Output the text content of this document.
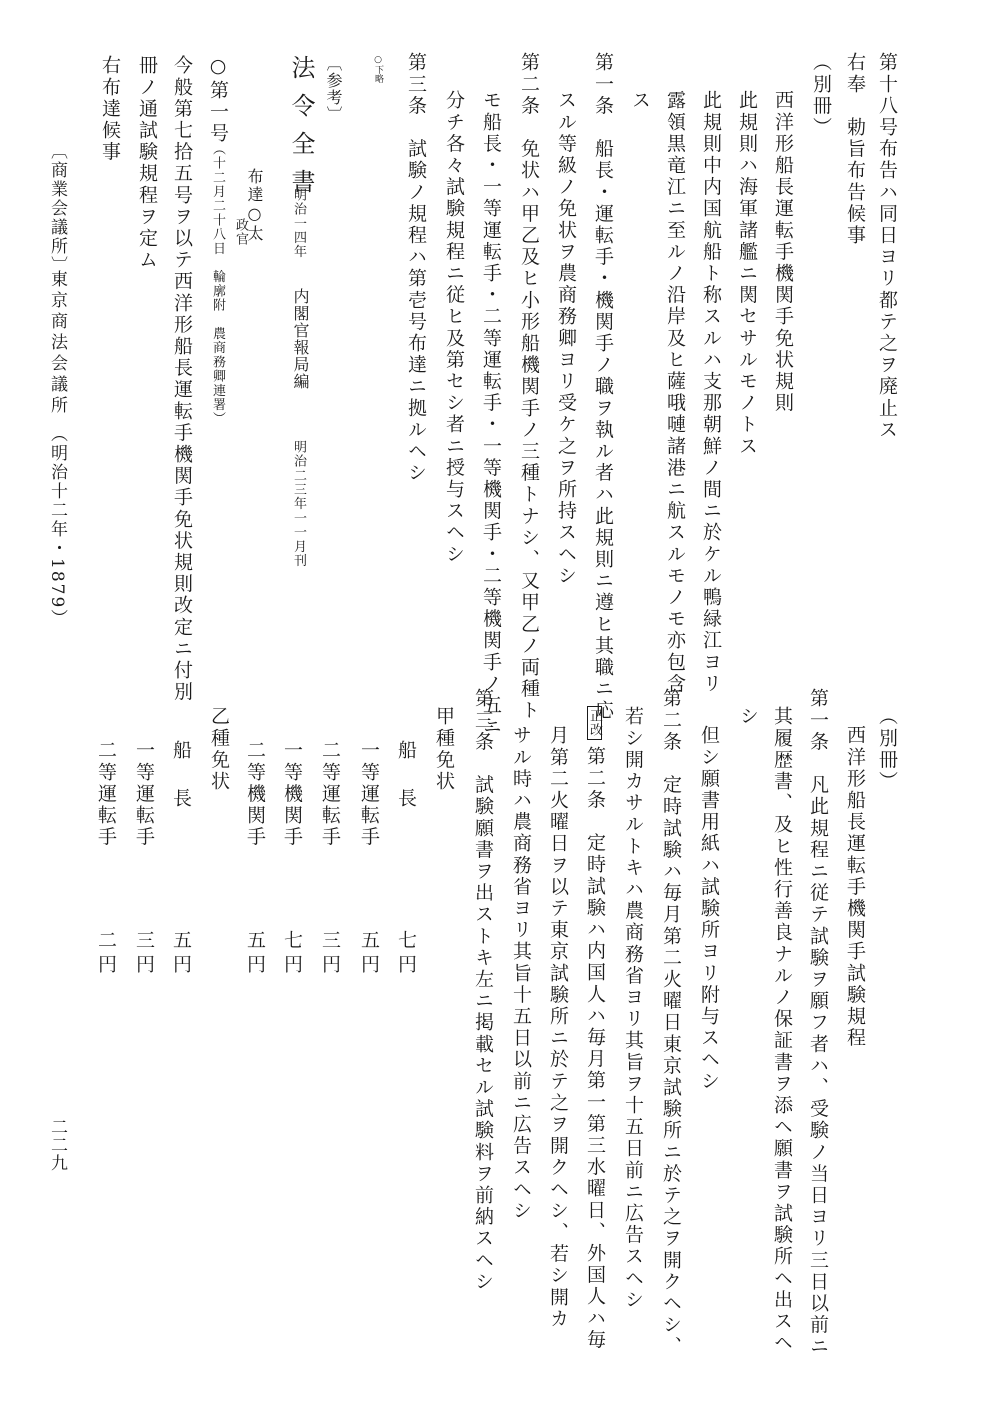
第十八号布告ハ同日ヨリ都テ之ヲ廃止ス
右奉　勅旨布告候事
（別冊）
西洋形船長運転手機関手免状規則
此規則ハ海軍諸艦ニ関セサルモノトス
此規則中内国航船ト称スルハ支那朝鮮ノ間ニ於ケル鴨緑江ヨリ
露領黒竜江ニ至ルノ沿岸及ヒ薩哦嗹諸港ニ航スルモノモ亦包含
ス
第一条　船長・運転手・機関手ノ職ヲ執ル者ハ此規則ニ遵ヒ其職ニ応
スル等級ノ免状ヲ農商務卿ヨリ受ケ之ヲ所持スヘシ
第二条　免状ハ甲乙及ヒ小形船機関手ノ三種トナシ、又甲乙ノ両種ト
モ船長・一等運転手・二等運転手・一等機関手・二等機関手ノ五ニ
分チ各々試験規程ニ従ヒ及第セシ者ニ授与スヘシ
第三条　試験ノ規程ハ第壱号布達ニ拠ルヘシ
○下略
〔参考〕
法令全書
明治一四年
内閣官報局編
明治二三年一一月刊
布達○太
政官
○第一号
（十二月二十八日　輪廓附　農商務卿連署）
今般第七拾五号ヲ以テ西洋形船長運転手機関手免状規則改定ニ付別
冊ノ通試験規程ヲ定ム
右布達候事
（別冊）
西洋形船長運転手機関手試験規程
第一条　凡此規程ニ従テ試験ヲ願フ者ハ、受験ノ当日ヨリ三日以前ニ
其履歴書、及ヒ性行善良ナルノ保証書ヲ添ヘ願書ヲ試験所ヘ出スヘ
シ
但シ願書用紙ハ試験所ヨリ附与スヘシ
第二条　定時試験ハ毎月第二火曜日東京試験所ニ於テ之ヲ開クヘシ、
若シ開カサルトキハ農商務省ヨリ其旨ヲ十五日前ニ広告スヘシ
正改
第二条　定時試験ハ内国人ハ毎月第一第三水曜日、外国人ハ毎
月第二火曜日ヲ以テ東京試験所ニ於テ之ヲ開クヘシ、若シ開カ
サル時ハ農商務省ヨリ其旨十五日以前ニ広告スヘシ
第三条　試験願書ヲ出ストキ左ニ掲載セル試験料ヲ前納スヘシ
甲種免状
船　長
七円
一等運転手
五円
二等運転手
三円
一等機関手
七円
二等機関手
五円
乙種免状
船　長
五円
一等運転手
三円
二等運転手
二円
〔商業会議所〕
東京商法会議所
（明治十二年・1879）
二二九
